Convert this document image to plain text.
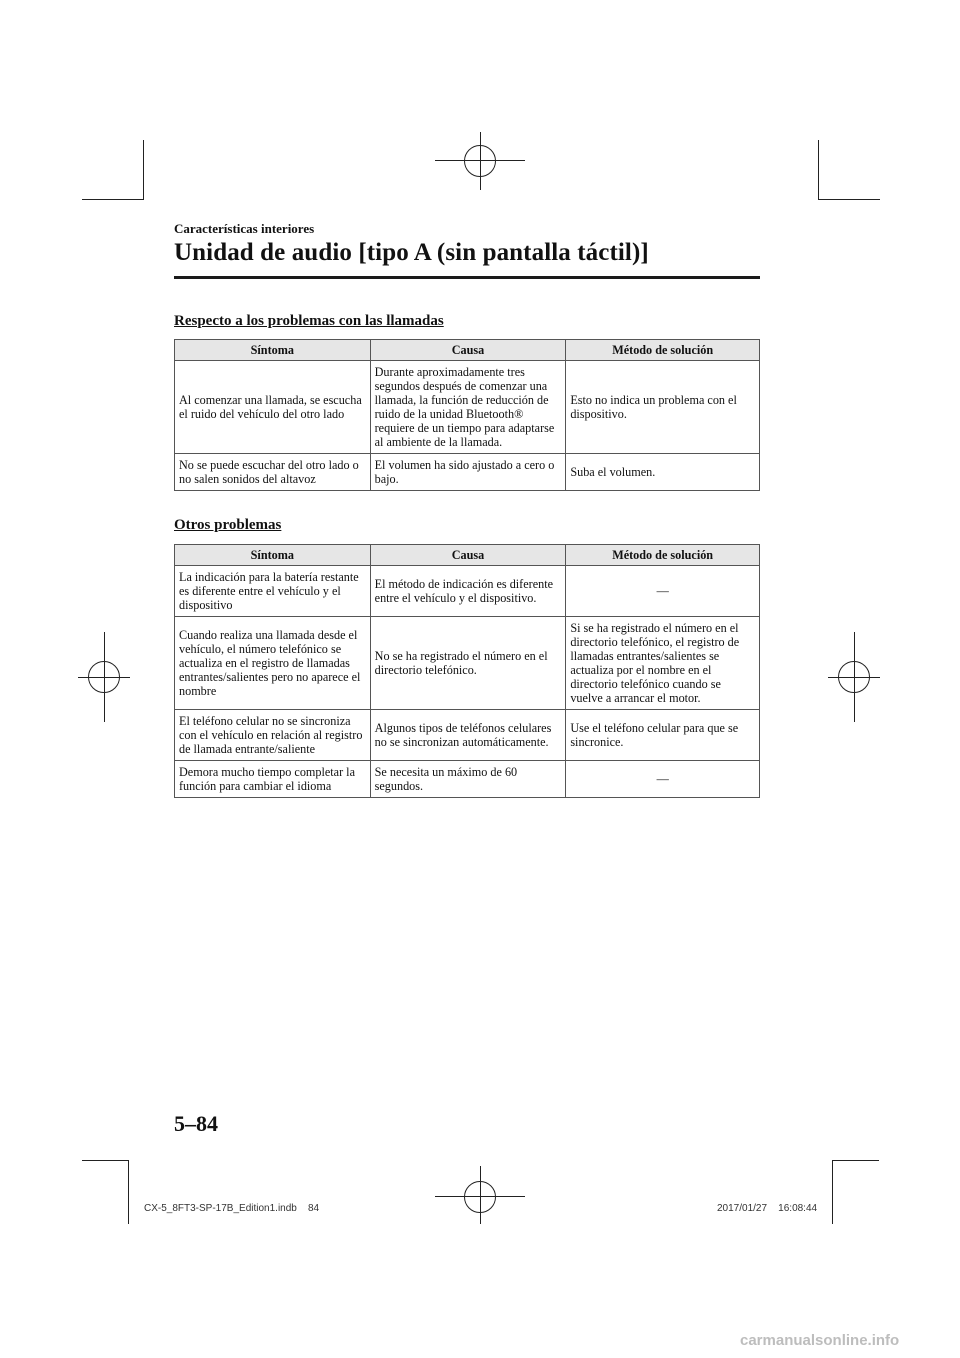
Características interiores
Unidad de audio [tipo A (sin pantalla táctil)]
Respecto a los problemas con las llamadas
Síntoma	Causa	Método de solución
Al comenzar una llamada, se escucha el ruido del vehículo del otro lado	Durante aproximadamente tres segundos después de comenzar una llamada, la función de reducción de ruido de la unidad Bluetooth® requiere de un tiempo para adaptarse al ambiente de la llamada.	Esto no indica un problema con el dispositivo.
No se puede escuchar del otro lado o no salen sonidos del altavoz	El volumen ha sido ajustado a cero o bajo.	Suba el volumen.
Otros problemas
Síntoma	Causa	Método de solución
La indicación para la batería restante es diferente entre el vehículo y el dispositivo	El método de indicación es diferente entre el vehículo y el dispositivo.	—
Cuando realiza una llamada desde el vehículo, el número telefónico se actualiza en el registro de llamadas entrantes/salientes pero no aparece el nombre	No se ha registrado el número en el directorio telefónico.	Si se ha registrado el número en el directorio telefónico, el registro de llamadas entrantes/salientes se actualiza por el nombre en el directorio telefónico cuando se vuelve a arrancar el motor.
El teléfono celular no se sincroniza con el vehículo en relación al registro de llamada entrante/saliente	Algunos tipos de teléfonos celulares no se sincronizan automáticamente.	Use el teléfono celular para que se sincronice.
Demora mucho tiempo completar la función para cambiar el idioma	Se necesita un máximo de 60 segundos.	—
5–84
CX-5_8FT3-SP-17B_Edition1.indb    84	2017/01/27    16:08:44
carmanualsonline.info
